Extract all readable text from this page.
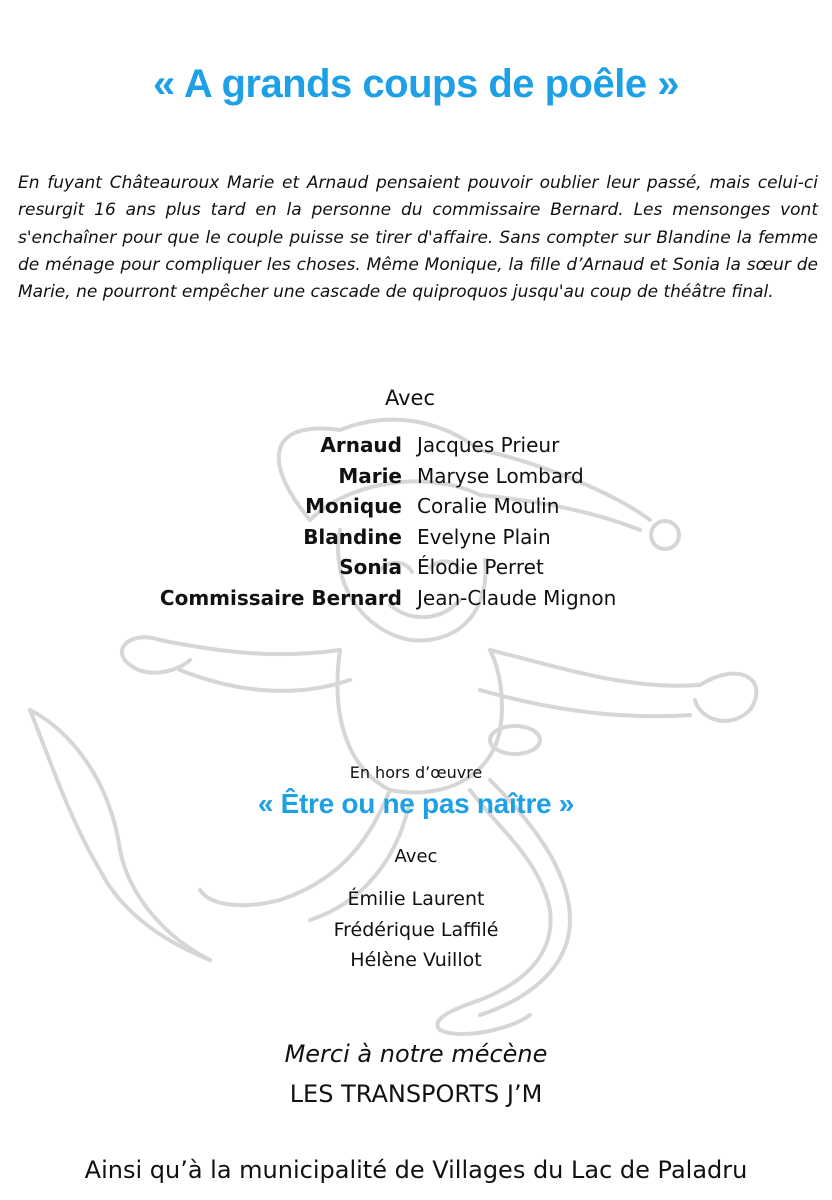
« A grands coups de poêle »

En fuyant Châteauroux Marie et Arnaud pensaient pouvoir oublier leur passé, mais celui-ci resurgit 16 ans plus tard en la personne du commissaire Bernard. Les mensonges vont s'enchaîner pour que le couple puisse se tirer d'affaire. Sans compter sur Blandine la femme de ménage pour compliquer les choses. Même Monique, la fille d’Arnaud et Sonia la sœur de Marie, ne pourront empêcher une cascade de quiproquos jusqu'au coup de théâtre final.

Avec
Arnaud Jacques Prieur
Marie Maryse Lombard
Monique Coralie Moulin
Blandine Evelyne Plain
Sonia Élodie Perret
Commissaire Bernard Jean-Claude Mignon
En hors d’œuvre
« Être ou ne pas naître »
Avec
Émilie Laurent
Frédérique Laffilé
Hélène Vuillot
Merci à notre mécène
LES TRANSPORTS J’M
Ainsi qu’à la municipalité de Villages du Lac de Paladru
